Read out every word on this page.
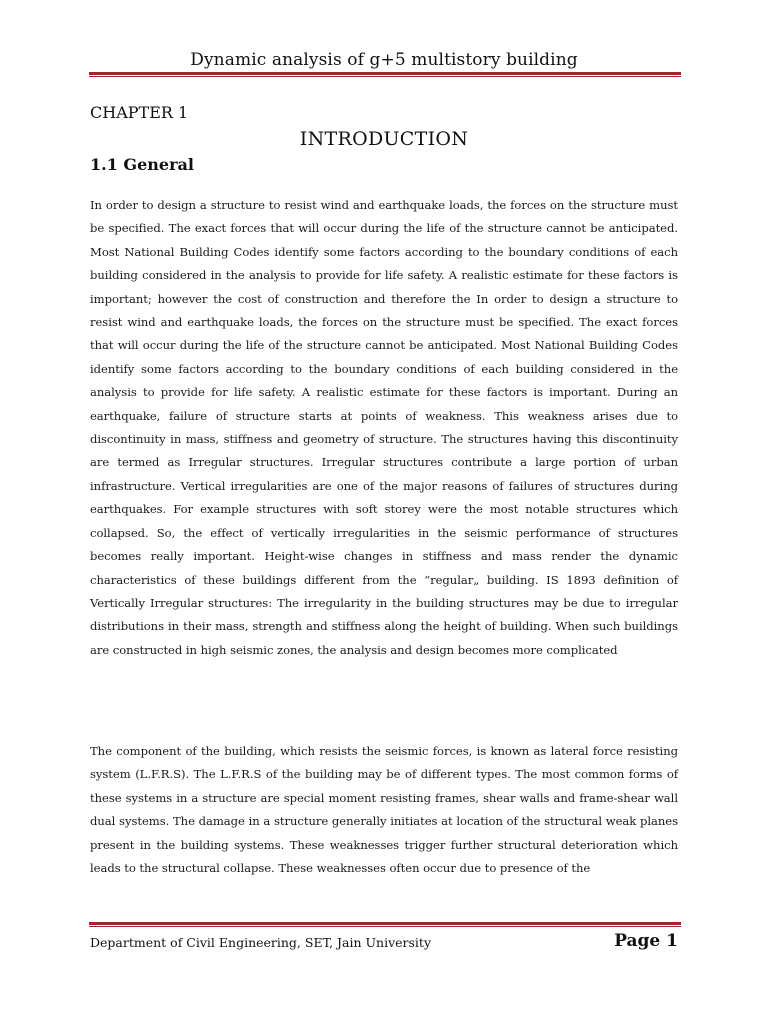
Dynamic analysis of g+5 multistory building
CHAPTER 1
INTRODUCTION
1.1 General

In order to design a structure to resist wind and earthquake loads, the forces on the structure must be specified. The exact forces that will occur during the life of the structure cannot be anticipated. Most National Building Codes identify some factors according to the boundary conditions of each building considered in the analysis to provide for life safety. A realistic estimate for these factors is important; however the cost of construction and therefore the In order to design a structure to resist wind and earthquake loads, the forces on the structure must be specified. The exact forces that will occur during the life of the structure cannot be anticipated. Most National Building Codes identify some factors according to the boundary conditions of each building considered in the analysis to provide for life safety. A realistic estimate for these factors is important. During an earthquake, failure of structure starts at points of weakness. This weakness arises due to discontinuity in mass, stiffness and geometry of structure. The structures having this discontinuity are termed as Irregular structures. Irregular structures contribute a large portion of urban infrastructure. Vertical irregularities are one of the major reasons of failures of structures during earthquakes. For example structures with soft storey were the most notable structures which collapsed. So, the effect of vertically irregularities in the seismic performance of structures becomes really important. Height-wise changes in stiffness and mass render the dynamic characteristics of these buildings different from the “regular„ building. IS 1893 definition of Vertically Irregular structures: The irregularity in the building structures may be due to irregular distributions in their mass, strength and stiffness along the height of building. When such buildings are constructed in high seismic zones, the analysis and design becomes more complicated

The component of the building, which resists the seismic forces, is known as lateral force resisting system (L.F.R.S). The L.F.R.S of the building may be of different types. The most common forms of these systems in a structure are special moment resisting frames, shear walls and frame-shear wall dual systems. The damage in a structure generally initiates at location of the structural weak planes present in the building systems. These weaknesses trigger further structural deterioration which leads to the structural collapse. These weaknesses often occur due to presence of the

Department of Civil Engineering, SET, Jain University	Page 1
